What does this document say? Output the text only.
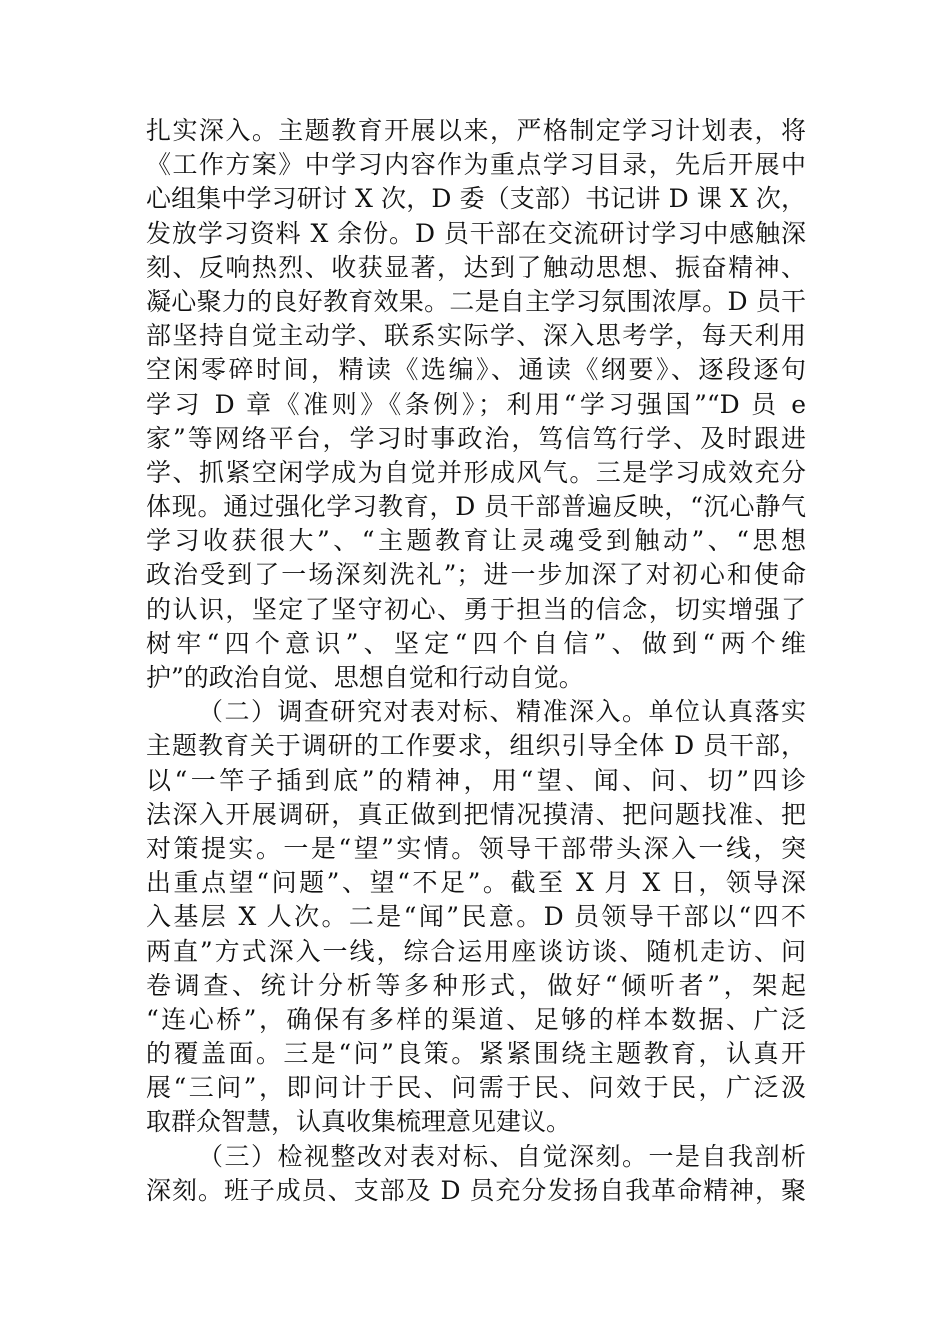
扎实深入。主题教育开展以来，严格制定学习计划表，将
《工作方案》中学习内容作为重点学习目录，先后开展中
心组集中学习研讨 X 次，D 委（支部）书记讲 D 课 X 次，
发放学习资料 X 余份。D 员干部在交流研讨学习中感触深
刻、反响热烈、收获显著，达到了触动思想、振奋精神、
凝心聚力的良好教育效果。二是自主学习氛围浓厚。D 员干
部坚持自觉主动学、联系实际学、深入思考学，每天利用
空闲零碎时间，精读《选编》、通读《纲要》、逐段逐句
学习 D 章《准则》《条例》；利用“学习强国”“D 员 e
家”等网络平台，学习时事政治，笃信笃行学、及时跟进
学、抓紧空闲学成为自觉并形成风气。三是学习成效充分
体现。通过强化学习教育，D 员干部普遍反映，“沉心静气
学习收获很大”、“主题教育让灵魂受到触动”、“思想
政治受到了一场深刻洗礼”；进一步加深了对初心和使命
的认识，坚定了坚守初心、勇于担当的信念，切实增强了
树牢“四个意识”、坚定“四个自信”、做到“两个维
护”的政治自觉、思想自觉和行动自觉。
（二）调查研究对表对标、精准深入。单位认真落实
主题教育关于调研的工作要求，组织引导全体 D 员干部，
以“一竿子插到底”的精神，用“望、闻、问、切”四诊
法深入开展调研，真正做到把情况摸清、把问题找准、把
对策提实。一是“望”实情。领导干部带头深入一线，突
出重点望“问题”、望“不足”。截至 X 月 X 日，领导深
入基层 X 人次。二是“闻”民意。D 员领导干部以“四不
两直”方式深入一线，综合运用座谈访谈、随机走访、问
卷调查、统计分析等多种形式，做好“倾听者”，架起
“连心桥”，确保有多样的渠道、足够的样本数据、广泛
的覆盖面。三是“问”良策。紧紧围绕主题教育，认真开
展“三问”，即问计于民、问需于民、问效于民，广泛汲
取群众智慧，认真收集梳理意见建议。
（三）检视整改对表对标、自觉深刻。一是自我剖析
深刻。班子成员、支部及 D 员充分发扬自我革命精神，聚
